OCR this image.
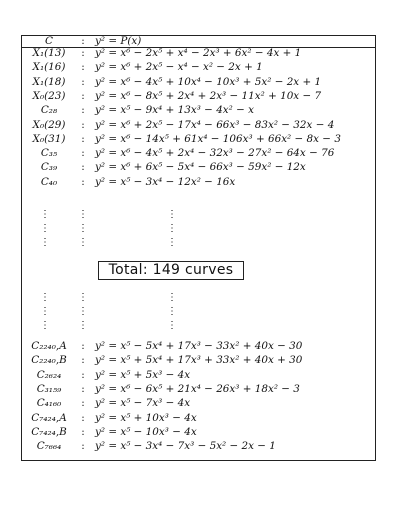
C	: y² = P(x)
X₁(13)	: y² = x⁶ − 2x⁵ + x⁴ − 2x³ + 6x² − 4x + 1
X₁(16)	: y² = x⁶ + 2x⁵ − x⁴ − x² − 2x + 1
X₁(18)	: y² = x⁶ − 4x⁵ + 10x⁴ − 10x³ + 5x² − 2x + 1
X₀(23)	: y² = x⁶ − 8x⁵ + 2x⁴ + 2x³ − 11x² + 10x − 7
C₂₈	: y² = x⁵ − 9x⁴ + 13x³ − 4x² − x
X₀(29)	: y² = x⁶ + 2x⁵ − 17x⁴ − 66x³ − 83x² − 32x − 4
X₀(31)	: y² = x⁶ − 14x⁵ + 61x⁴ − 106x³ + 66x² − 8x − 3
C₃₅	: y² = x⁶ − 4x⁵ + 2x⁴ − 32x³ − 27x² − 64x − 76
C₃₉	: y² = x⁶ + 6x⁵ − 5x⁴ − 66x³ − 59x² − 12x
C₄₀	: y² = x⁵ − 3x⁴ − 12x² − 16x
⋮	⋮	⋮
⋮	⋮	⋮
⋮	⋮	⋮
Total: 149 curves
⋮	⋮	⋮
⋮	⋮	⋮
⋮	⋮	⋮
C₂₂₄₀,A	: y² = x⁵ − 5x⁴ + 17x³ − 33x² + 40x − 30
C₂₂₄₀,B	: y² = x⁵ + 5x⁴ + 17x³ + 33x² + 40x + 30
C₂₆₂₄	: y² = x⁵ + 5x³ − 4x
C₃₁₅₉	: y² = x⁶ − 6x⁵ + 21x⁴ − 26x³ + 18x² − 3
C₄₁₆₀	: y² = x⁵ − 7x³ − 4x
C₇₄₂₄,A	: y² = x⁵ + 10x³ − 4x
C₇₄₂₄,B	: y² = x⁵ − 10x³ − 4x
C₇₆₆₄	: y² = x⁵ − 3x⁴ − 7x³ − 5x² − 2x − 1
